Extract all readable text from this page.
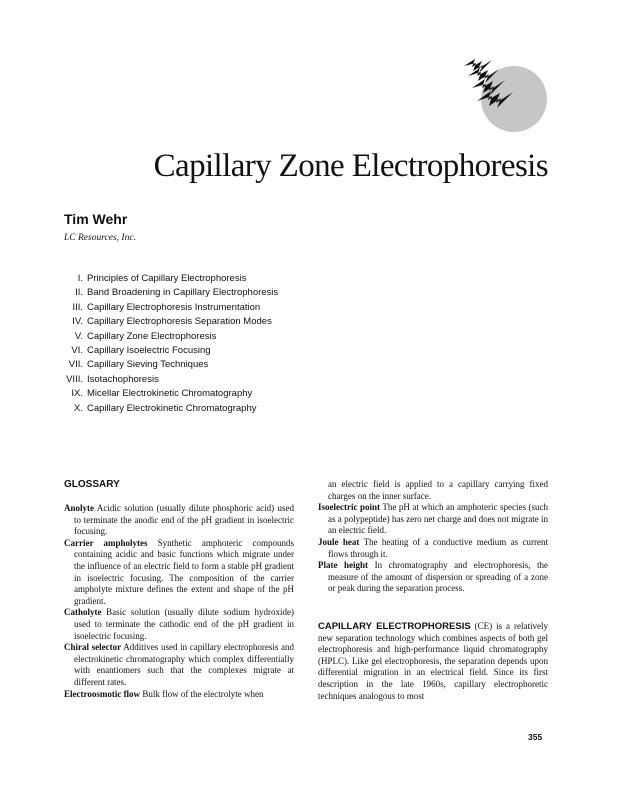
Capillary Zone Electrophoresis
Tim Wehr
LC Resources, Inc.
I. Principles of Capillary Electrophoresis
II. Band Broadening in Capillary Electrophoresis
III. Capillary Electrophoresis Instrumentation
IV. Capillary Electrophoresis Separation Modes
V. Capillary Zone Electrophoresis
VI. Capillary Isoelectric Focusing
VII. Capillary Sieving Techniques
VIII. Isotachophoresis
IX. Micellar Electrokinetic Chromatography
X. Capillary Electrokinetic Chromatography
GLOSSARY

Anolyte Acidic solution (usually dilute phosphoric acid) used to terminate the anodic end of the pH gradient in isoelectric focusing.

Carrier ampholytes Synthetic amphoteric compounds containing acidic and basic functions which migrate under the influence of an electric field to form a stable pH gradient in isoelectric focusing. The composition of the carrier ampholyte mixture defines the extent and shape of the pH gradient.

Catholyte Basic solution (usually dilute sodium hydroxide) used to terminate the cathodic end of the pH gradient in isoelectric focusing.

Chiral selector Additives used in capillary electrophoresis and electrokinetic chromatography which complex differentially with enantiomers such that the complexes migrate at different rates.

Electroosmotic flow Bulk flow of the electrolyte when

an electric field is applied to a capillary carrying fixed charges on the inner surface.

Isoelectric point The pH at which an amphoteric species (such as a polypeptide) has zero net charge and does not migrate in an electric field.

Joule heat The heating of a conductive medium as current flows through it.

Plate height In chromatography and electrophoresis, the measure of the amount of dispersion or spreading of a zone or peak during the separation process.

CAPILLARY ELECTROPHORESIS (CE) is a relatively new separation technology which combines aspects of both gel electrophoresis and high-performance liquid chromatography (HPLC). Like gel electrophoresis, the separation depends upon differential migration in an electrical field. Since its first description in the late 1960s, capillary electrophoretic techniques analogous to most

355
